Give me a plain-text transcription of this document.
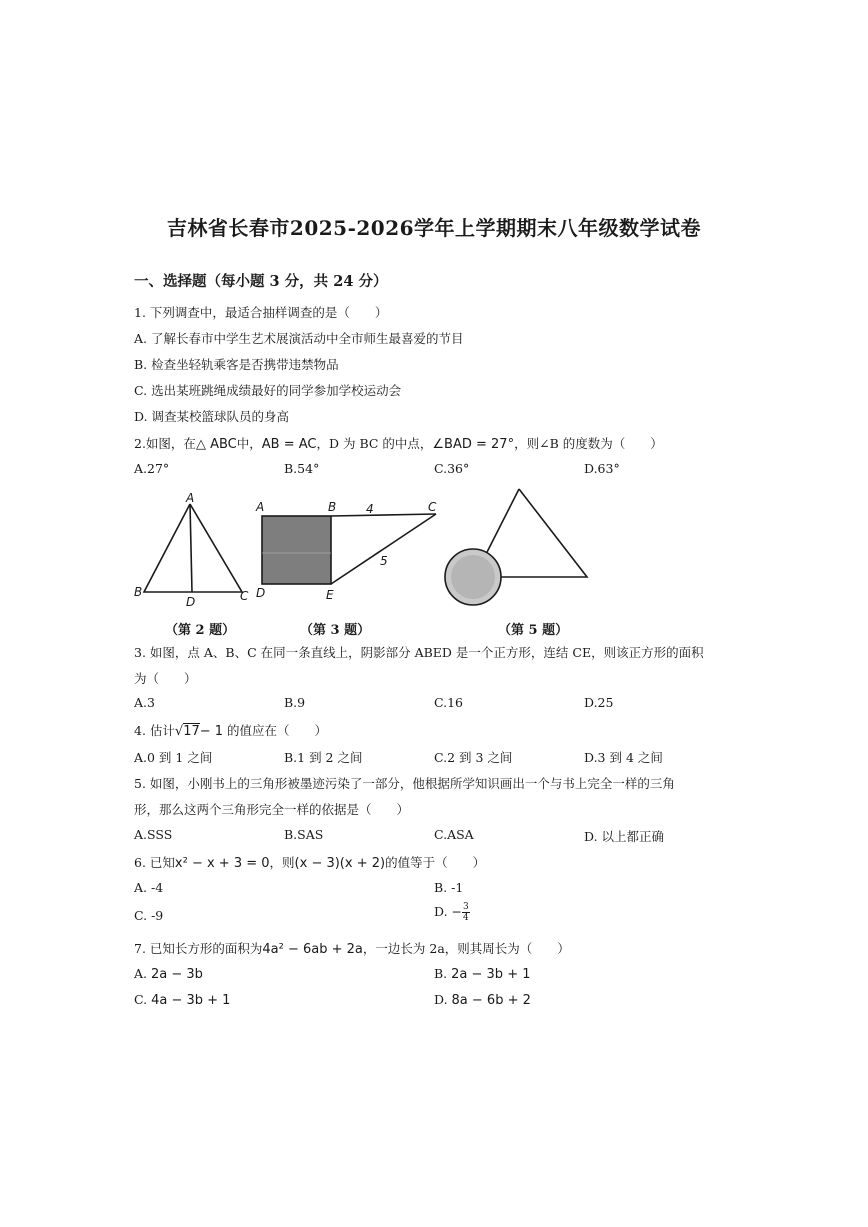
吉林省长春市2025-2026学年上学期期末八年级数学试卷
一、选择题（每小题 3 分，共 24 分）
1. 下列调查中，最适合抽样调查的是（　　）
A. 了解长春市中学生艺术展演活动中全市师生最喜爱的节目
B. 检查坐轻轨乘客是否携带违禁物品
C. 选出某班跳绳成绩最好的同学参加学校运动会
D. 调查某校篮球队员的身高
2.如图，在△ ABC中，AB = AC，D 为 BC 的中点，∠BAD = 27°，则∠B 的度数为（　　）
A.27°	B.54°	C.36°	D.63°
A
B	C
D
A	B	C
D	E
4
5
（第 2 题）	（第 3 题）	（第 5 题）
3. 如图，点 A、B、C 在同一条直线上，阴影部分 ABED 是一个正方形，连结 CE，则该正方形的面积
为（　　）
A.3	B.9	C.16	D.25
4. 估计√17− 1 的值应在（　　）
A.0 到 1 之间	B.1 到 2 之间	C.2 到 3 之间	D.3 到 4 之间
5. 如图，小刚书上的三角形被墨迹污染了一部分，他根据所学知识画出一个与书上完全一样的三角
形，那么这两个三角形完全一样的依据是（　　）
A.SSS	B.SAS	C.ASA	D. 以上都正确
6. 已知x² − x + 3 = 0，则(x − 3)(x + 2)的值等于（　　）
A. -4	B. -1
C. -9	D. − $\frac{3}{4}$
7. 已知长方形的面积为4a² − 6ab + 2a，一边长为 2a，则其周长为（　　）
A. 2a − 3b	B. 2a − 3b + 1
C. 4a − 3b + 1	D. 8a − 6b + 2
